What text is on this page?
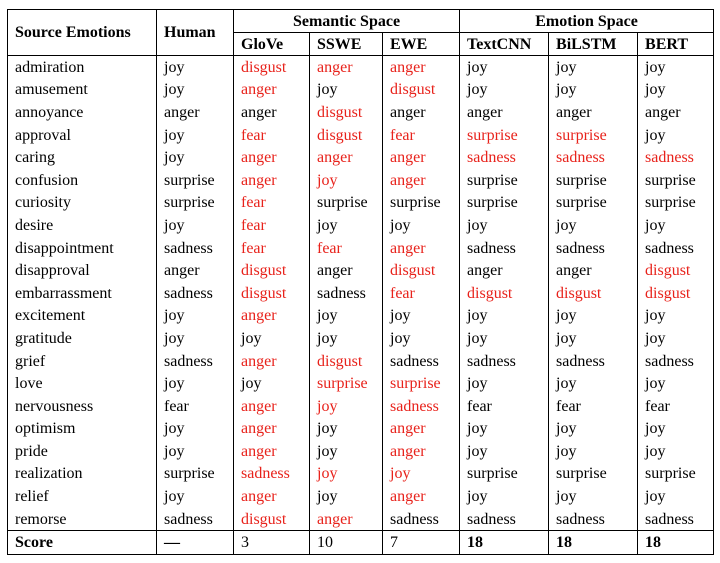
Source Emotions	Human	Semantic Space			Emotion Space		
		GloVe	SSWE	EWE	TextCNN	BiLSTM	BERT
admiration	joy	disgust	anger	anger	joy	joy	joy
amusement	joy	anger	joy	disgust	joy	joy	joy
annoyance	anger	anger	disgust	anger	anger	anger	anger
approval	joy	fear	disgust	fear	surprise	surprise	joy
caring	joy	anger	anger	anger	sadness	sadness	sadness
confusion	surprise	anger	joy	anger	surprise	surprise	surprise
curiosity	surprise	fear	surprise	surprise	surprise	surprise	surprise
desire	joy	fear	joy	joy	joy	joy	joy
disappointment	sadness	fear	fear	anger	sadness	sadness	sadness
disapproval	anger	disgust	anger	disgust	anger	anger	disgust
embarrassment	sadness	disgust	sadness	fear	disgust	disgust	disgust
excitement	joy	anger	joy	joy	joy	joy	joy
gratitude	joy	joy	joy	joy	joy	joy	joy
grief	sadness	anger	disgust	sadness	sadness	sadness	sadness
love	joy	joy	surprise	surprise	joy	joy	joy
nervousness	fear	anger	joy	sadness	fear	fear	fear
optimism	joy	anger	joy	anger	joy	joy	joy
pride	joy	anger	joy	anger	joy	joy	joy
realization	surprise	sadness	joy	joy	surprise	surprise	surprise
relief	joy	anger	joy	anger	joy	joy	joy
remorse	sadness	disgust	anger	sadness	sadness	sadness	sadness
Score	—	3	10	7	18	18	18
